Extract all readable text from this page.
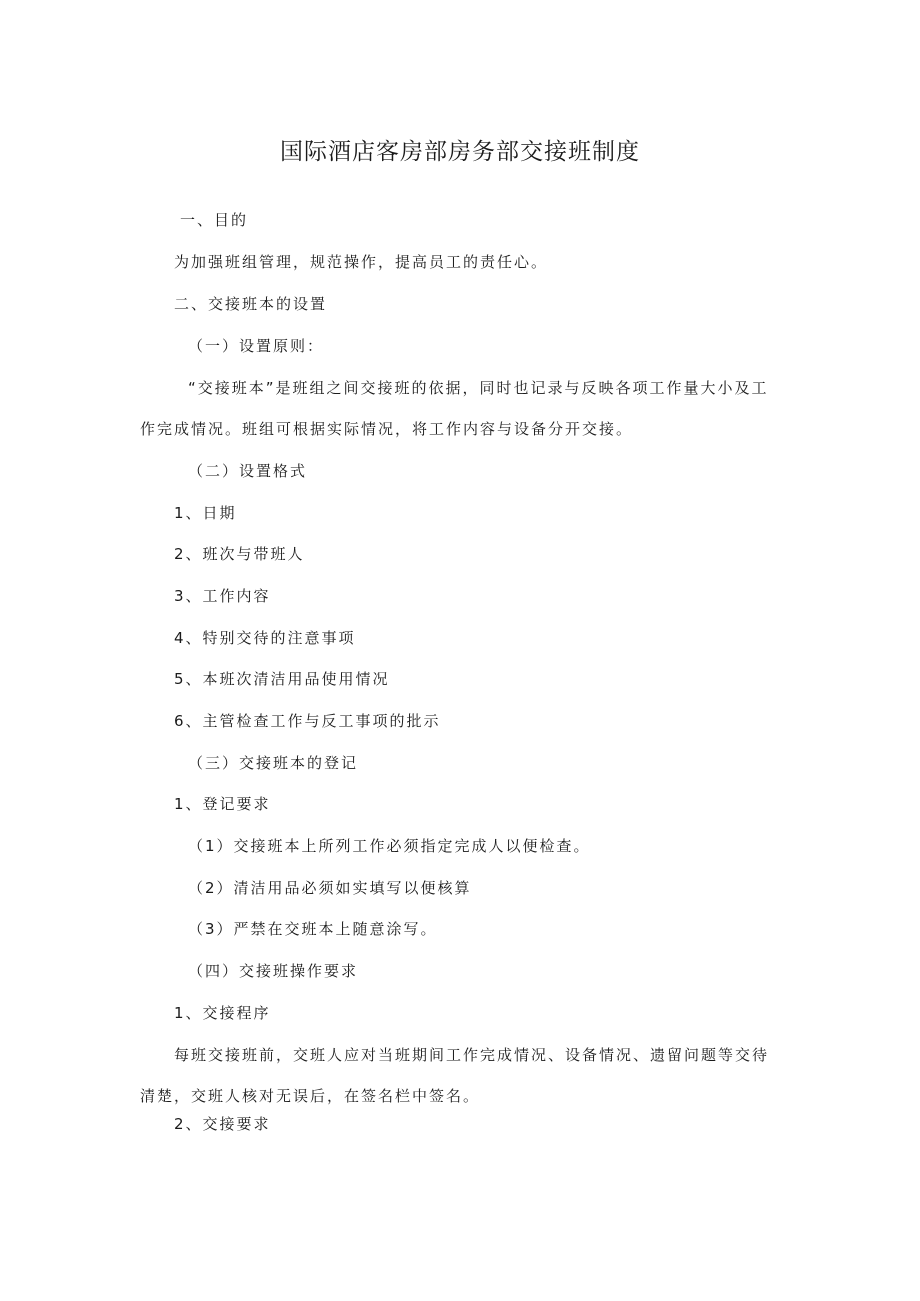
国际酒店客房部房务部交接班制度
一、目的
为加强班组管理，规范操作，提高员工的责任心。
二、交接班本的设置
（一）设置原则：
“交接班本”是班组之间交接班的依据，同时也记录与反映各项工作量大小及工
作完成情况。班组可根据实际情况，将工作内容与设备分开交接。
（二）设置格式
1、日期
2、班次与带班人
3、工作内容
4、特别交待的注意事项
5、本班次清洁用品使用情况
6、主管检查工作与反工事项的批示
（三）交接班本的登记
1、登记要求
（1）交接班本上所列工作必须指定完成人以便检查。
（2）清洁用品必须如实填写以便核算
（3）严禁在交班本上随意涂写。
（四）交接班操作要求
1、交接程序
每班交接班前，交班人应对当班期间工作完成情况、设备情况、遗留问题等交待
清楚，交班人核对无误后，在签名栏中签名。
2、交接要求
